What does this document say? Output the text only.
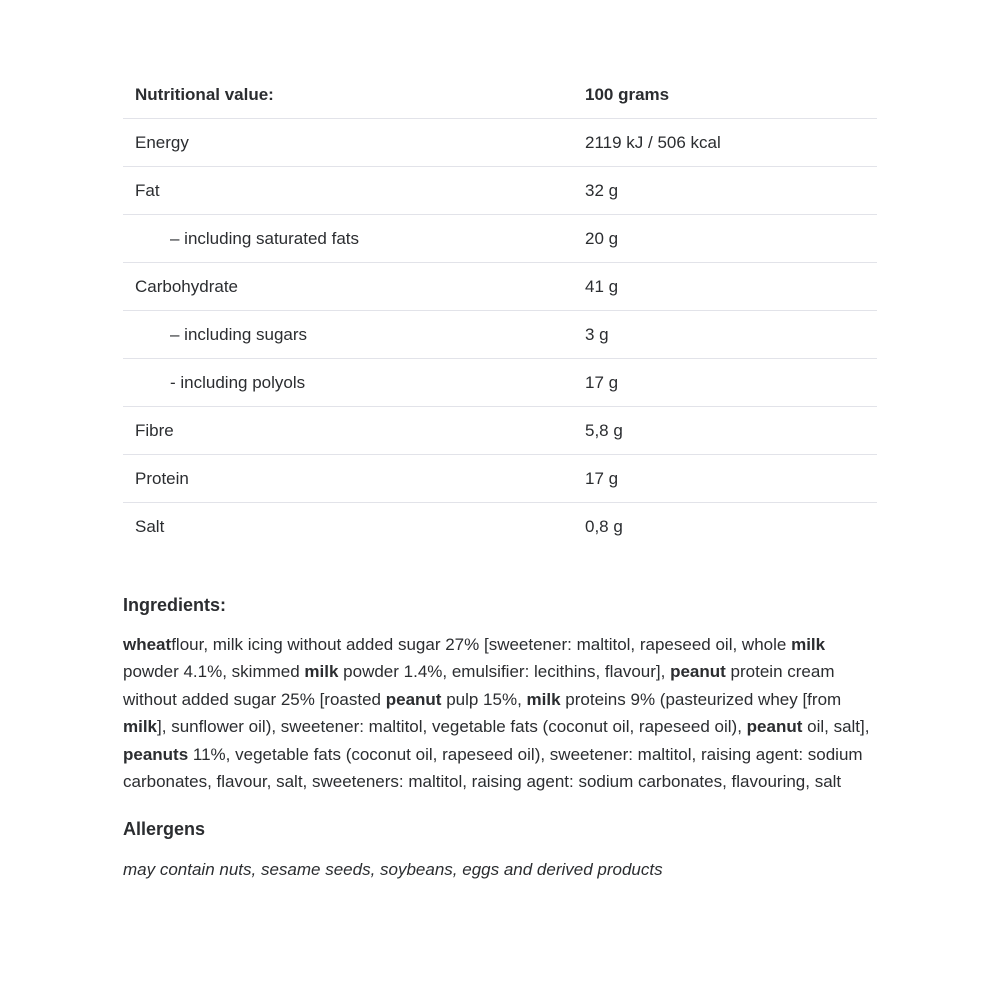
Nutritional value:	100 grams
Energy	2119 kJ / 506 kcal
Fat	32 g
– including saturated fats	20 g
Carbohydrate	41 g
– including sugars	3 g
- including polyols	17 g
Fibre	5,8 g
Protein	17 g
Salt	0,8 g
Ingredients:
wheatflour, milk icing without added sugar 27% [sweetener: maltitol, rapeseed oil, whole milk powder 4.1%, skimmed milk powder 1.4%, emulsifier: lecithins, flavour], peanut protein cream without added sugar 25% [roasted peanut pulp 15%, milk proteins 9% (pasteurized whey [from milk], sunflower oil), sweetener: maltitol, vegetable fats (coconut oil, rapeseed oil), peanut oil, salt], peanuts 11%, vegetable fats (coconut oil, rapeseed oil), sweetener: maltitol, raising agent: sodium carbonates, flavour, salt, sweeteners: maltitol, raising agent: sodium carbonates, flavouring, salt
Allergens
may contain nuts, sesame seeds, soybeans, eggs and derived products
